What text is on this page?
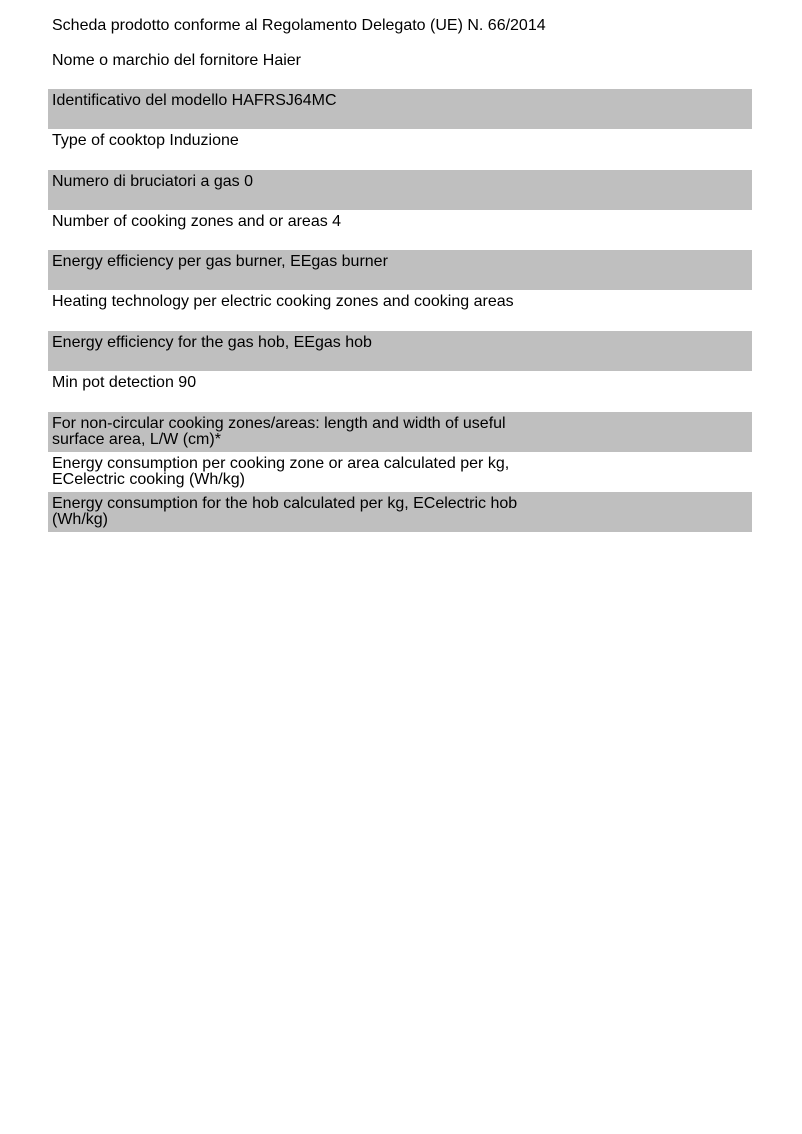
Scheda prodotto conforme al Regolamento Delegato (UE) N. 66/2014
Nome o marchio del fornitore Haier
Identificativo del modello HAFRSJ64MC
Type of cooktop Induzione
Numero di bruciatori a gas 0
Number of cooking zones and or areas 4
Energy efficiency per gas burner, EEgas burner
Heating technology per electric cooking zones and cooking areas
Energy efficiency for the gas hob, EEgas hob
Min pot detection 90
For non-circular cooking zones/areas: length and width of useful
surface area, L/W (cm)*
Energy consumption per cooking zone or area calculated per kg,
ECelectric cooking (Wh/kg)
Energy consumption for the hob calculated per kg, ECelectric hob
(Wh/kg)
